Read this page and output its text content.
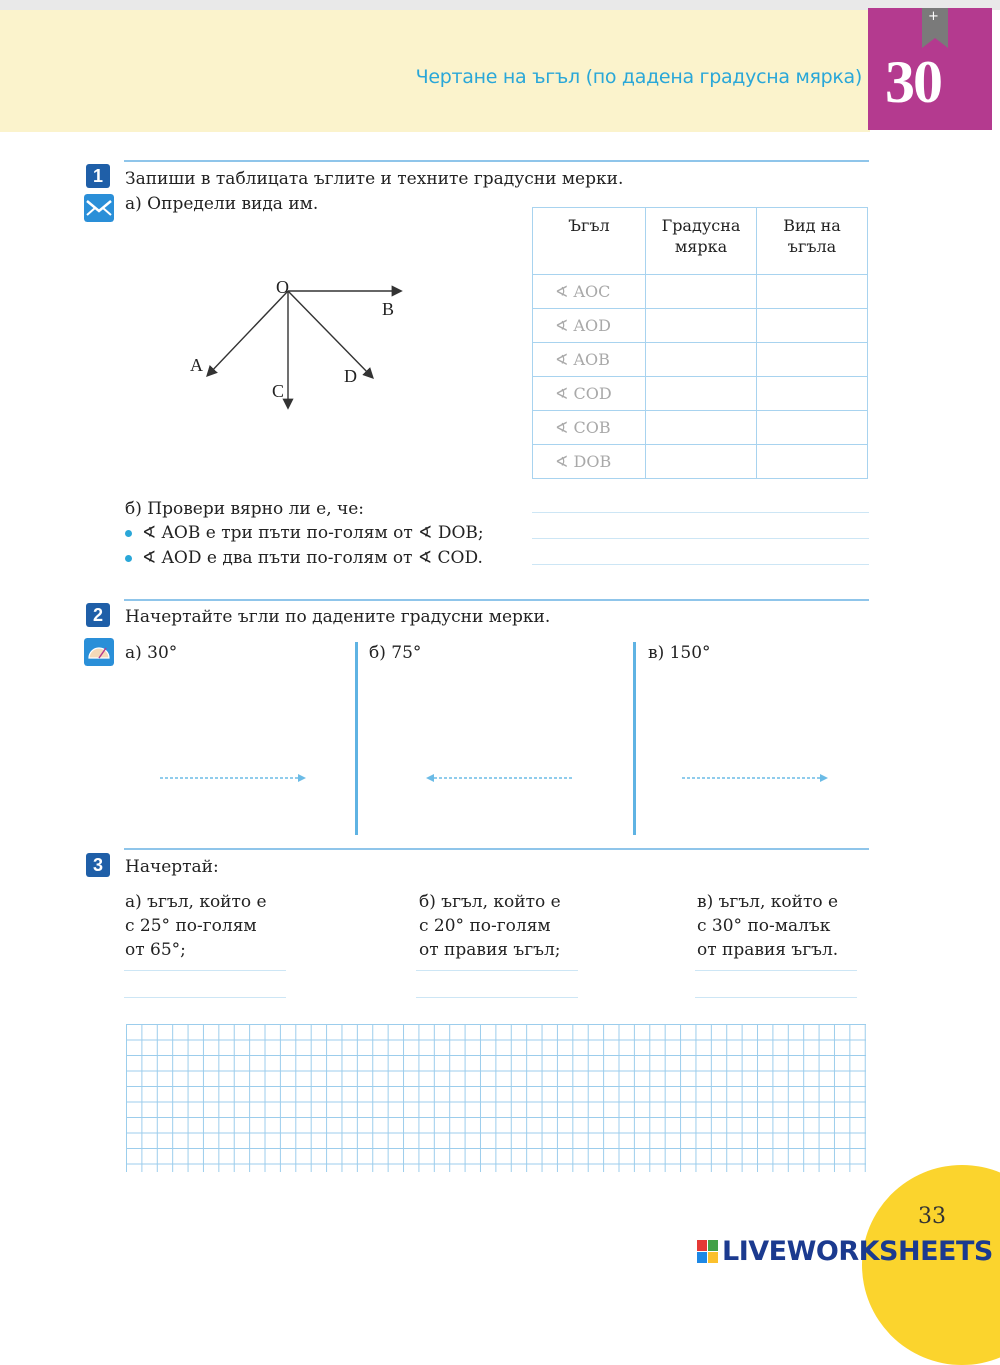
Чертане на ъгъл (по дадена градусна мярка)
+
30
1	Запиши в таблицата ъглите и техните градусни мерки.
а) Определи вида им.
O
B
A
C
D
Ъгъл	Градусна мярка	Вид на ъгъла
∢ AOC		
∢ AOD		
∢ AOB		
∢ COD		
∢ COB		
∢ DOB		
б) Провери вярно ли е, че:
∢ AOB е три пъти по-голям от ∢ DOB;
∢ AOD е два пъти по-голям от ∢ COD.
2	Начертайте ъгли по дадените градусни мерки.
а) 30°	б) 75°	в) 150°
3	Начертай:
а) ъгъл, който е
с 25° по-голям
от 65°;
б) ъгъл, който е
с 20° по-голям
от правия ъгъл;
в) ъгъл, който е
с 30° по-малък
от правия ъгъл.
33
LIVEWORKSHEETS
